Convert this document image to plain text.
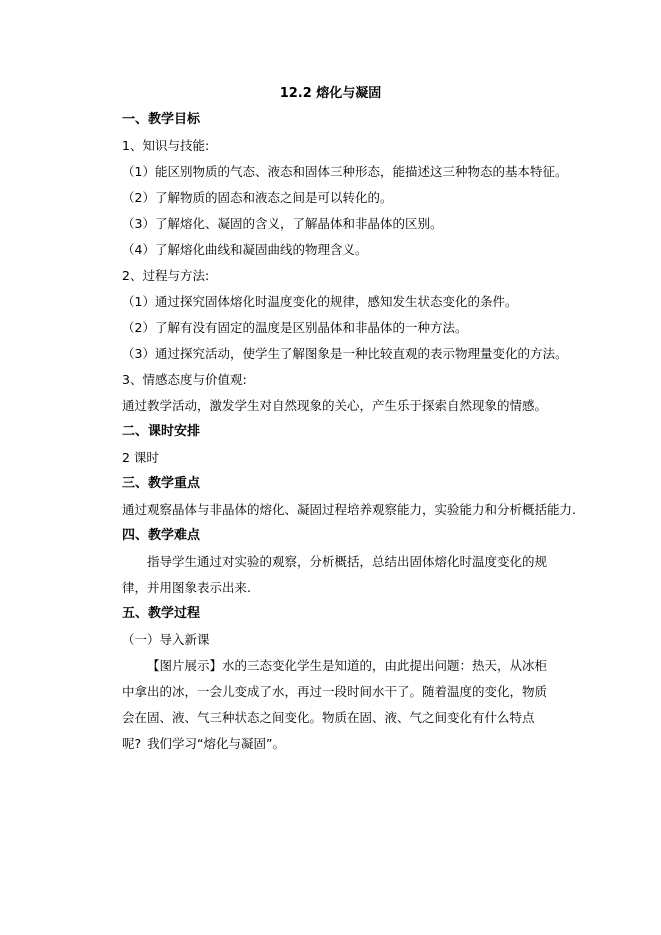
12.2 熔化与凝固
一、教学目标
1、知识与技能:
（1）能区别物质的气态、液态和固体三种形态，能描述这三种物态的基本特征。
（2）了解物质的固态和液态之间是可以转化的。
（3）了解熔化、凝固的含义，了解晶体和非晶体的区别。
（4）了解熔化曲线和凝固曲线的物理含义。
2、过程与方法:
（1）通过探究固体熔化时温度变化的规律，感知发生状态变化的条件。
（2）了解有没有固定的温度是区别晶体和非晶体的一种方法。
（3）通过探究活动，使学生了解图象是一种比较直观的表示物理量变化的方法。
3、情感态度与价值观:
通过教学活动，激发学生对自然现象的关心，产生乐于探索自然现象的情感。
二、课时安排
2 课时
三、教学重点
通过观察晶体与非晶体的熔化、凝固过程培养观察能力，实验能力和分析概括能力.
四、教学难点
指导学生通过对实验的观察，分析概括，总结出固体熔化时温度变化的规律，并用图象表示出来.
五、教学过程
（一）导入新课
【图片展示】水的三态变化学生是知道的，由此提出问题：热天，从冰柜中拿出的冰，一会儿变成了水，再过一段时间水干了。随着温度的变化，物质会在固、液、气三种状态之间变化。物质在固、液、气之间变化有什么特点呢? 我们学习“熔化与凝固”。
